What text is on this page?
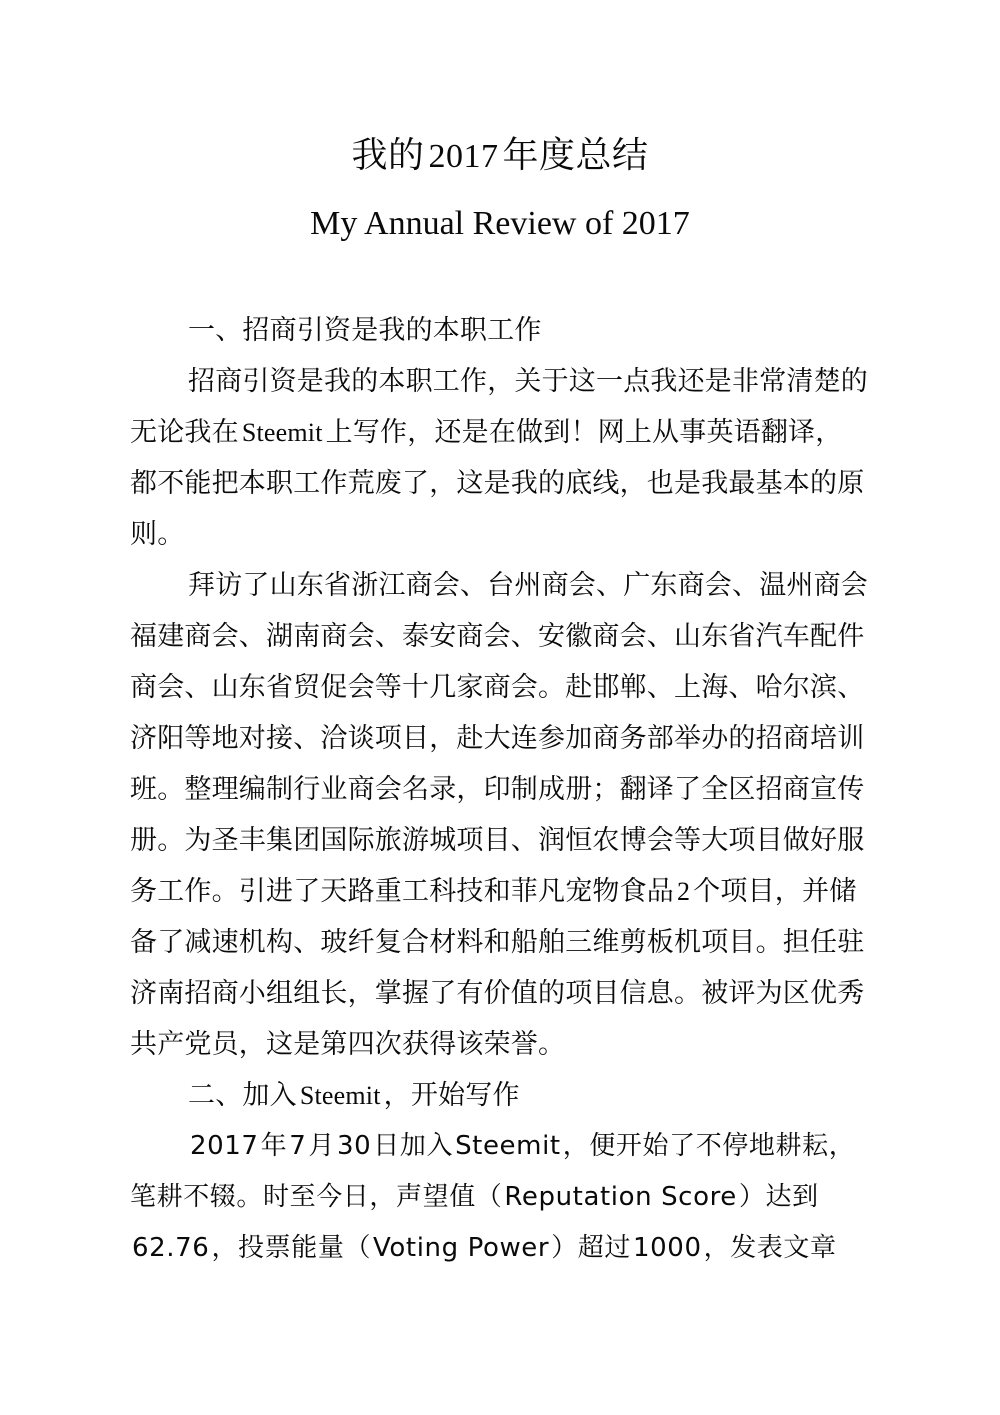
我的 2017 年度总结
My Annual Review of 2017
一、招商引资是我的本职工作
招商引资是我的本职工作，关于这一点我还是非常清楚的
无论我在 Steemit 上写作，还是在做到！网上从事英语翻译，
都不能把本职工作荒废了，这是我的底线，也是我最基本的原
则。
拜访了山东省浙江商会、台州商会、广东商会、温州商会
福建商会、湖南商会、泰安商会、安徽商会、山东省汽车配件
商会、山东省贸促会等十几家商会。赴邯郸、上海、哈尔滨、
济阳等地对接、洽谈项目，赴大连参加商务部举办的招商培训
班。整理编制行业商会名录，印制成册；翻译了全区招商宣传
册。为圣丰集团国际旅游城项目、润恒农博会等大项目做好服
务工作。引进了天路重工科技和菲凡宠物食品 2 个项目，并储
备了减速机构、玻纤复合材料和船舶三维剪板机项目。担任驻
济南招商小组组长，掌握了有价值的项目信息。被评为区优秀
共产党员，这是第四次获得该荣誉。
二、加入 Steemit ，开始写作
2017年7月30日加入Steemit，便开始了不停地耕耘，
笔耕不辍。时至今日，声望值（Reputation Score）达到
62.76，投票能量（Voting Power）超过1000，发表文章
